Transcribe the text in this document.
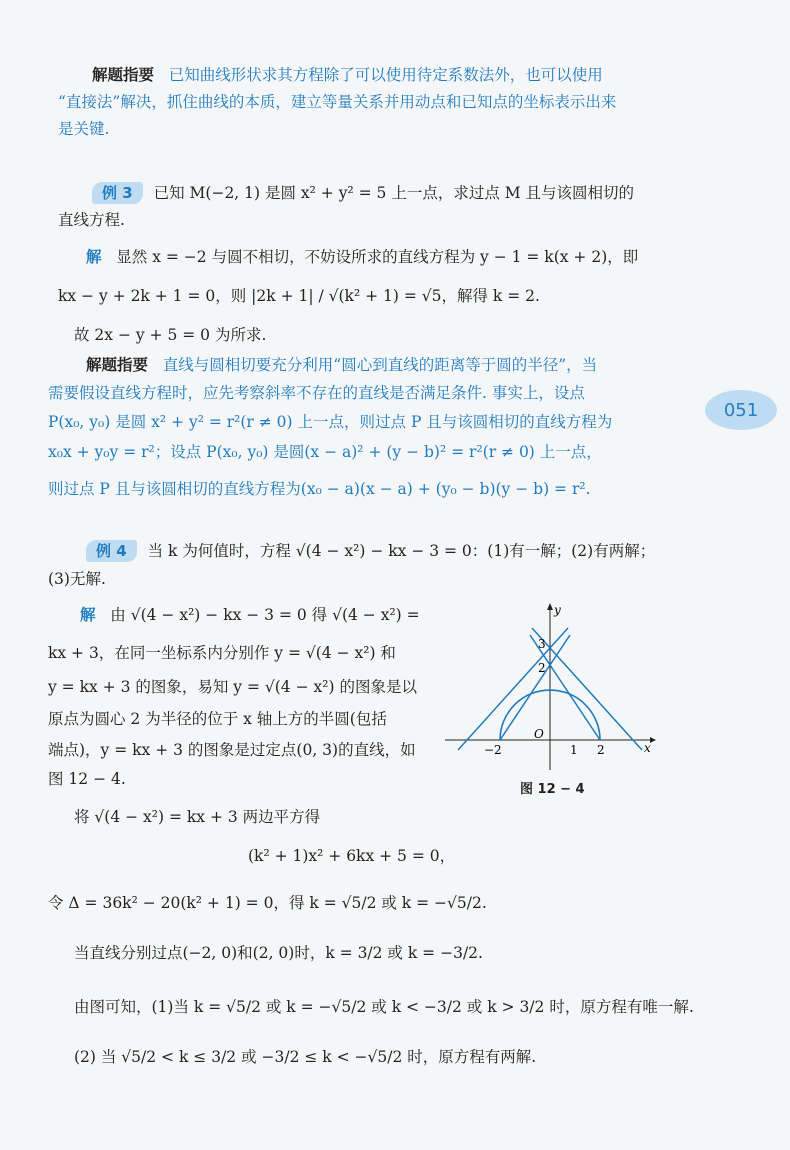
解题指要 已知曲线形状求其方程除了可以使用待定系数法外，也可以使用
“直接法”解决，抓住曲线的本质，建立等量关系并用动点和已知点的坐标表示出来
是关键.
例 3 已知 M(−2, 1) 是圆 x² + y² = 5 上一点，求过点 M 且与该圆相切的
直线方程.
解 显然 x = −2 与圆不相切，不妨设所求的直线方程为 y − 1 = k(x + 2)，即
kx − y + 2k + 1 = 0，则 |2k + 1| / √(k² + 1) = √5，解得 k = 2.
故 2x − y + 5 = 0 为所求.
解题指要 直线与圆相切要充分利用“圆心到直线的距离等于圆的半径”，当
需要假设直线方程时，应先考察斜率不存在的直线是否满足条件. 事实上，设点
P(x₀, y₀) 是圆 x² + y² = r²(r ≠ 0) 上一点，则过点 P 且与该圆相切的直线方程为
x₀x + y₀y = r²；设点 P(x₀, y₀) 是圆(x − a)² + (y − b)² = r²(r ≠ 0) 上一点，
则过点 P 且与该圆相切的直线方程为(x₀ − a)(x − a) + (y₀ − b)(y − b) = r².
051
例 4 当 k 为何值时，方程 √(4 − x²) − kx − 3 = 0：(1)有一解；(2)有两解；
(3)无解.
解 由 √(4 − x²) − kx − 3 = 0 得 √(4 − x²) =
kx + 3，在同一坐标系内分别作 y = √(4 − x²) 和
y = kx + 3 的图象，易知 y = √(4 − x²) 的图象是以
原点为圆心 2 为半径的位于 x 轴上方的半圆(包括
端点)，y = kx + 3 的图象是过定点(0, 3)的直线，如
图 12 − 4.
y
x
O
−2	1 2
3
2
图 12 − 4
将 √(4 − x²) = kx + 3 两边平方得
(k² + 1)x² + 6kx + 5 = 0，
令 Δ = 36k² − 20(k² + 1) = 0，得 k = √5/2 或 k = −√5/2.
当直线分别过点(−2, 0)和(2, 0)时，k = 3/2 或 k = −3/2.
由图可知，(1)当 k = √5/2 或 k = −√5/2 或 k < −3/2 或 k > 3/2 时，原方程有唯一解.
(2) 当 √5/2 < k ≤ 3/2 或 −3/2 ≤ k < −√5/2 时，原方程有两解.
